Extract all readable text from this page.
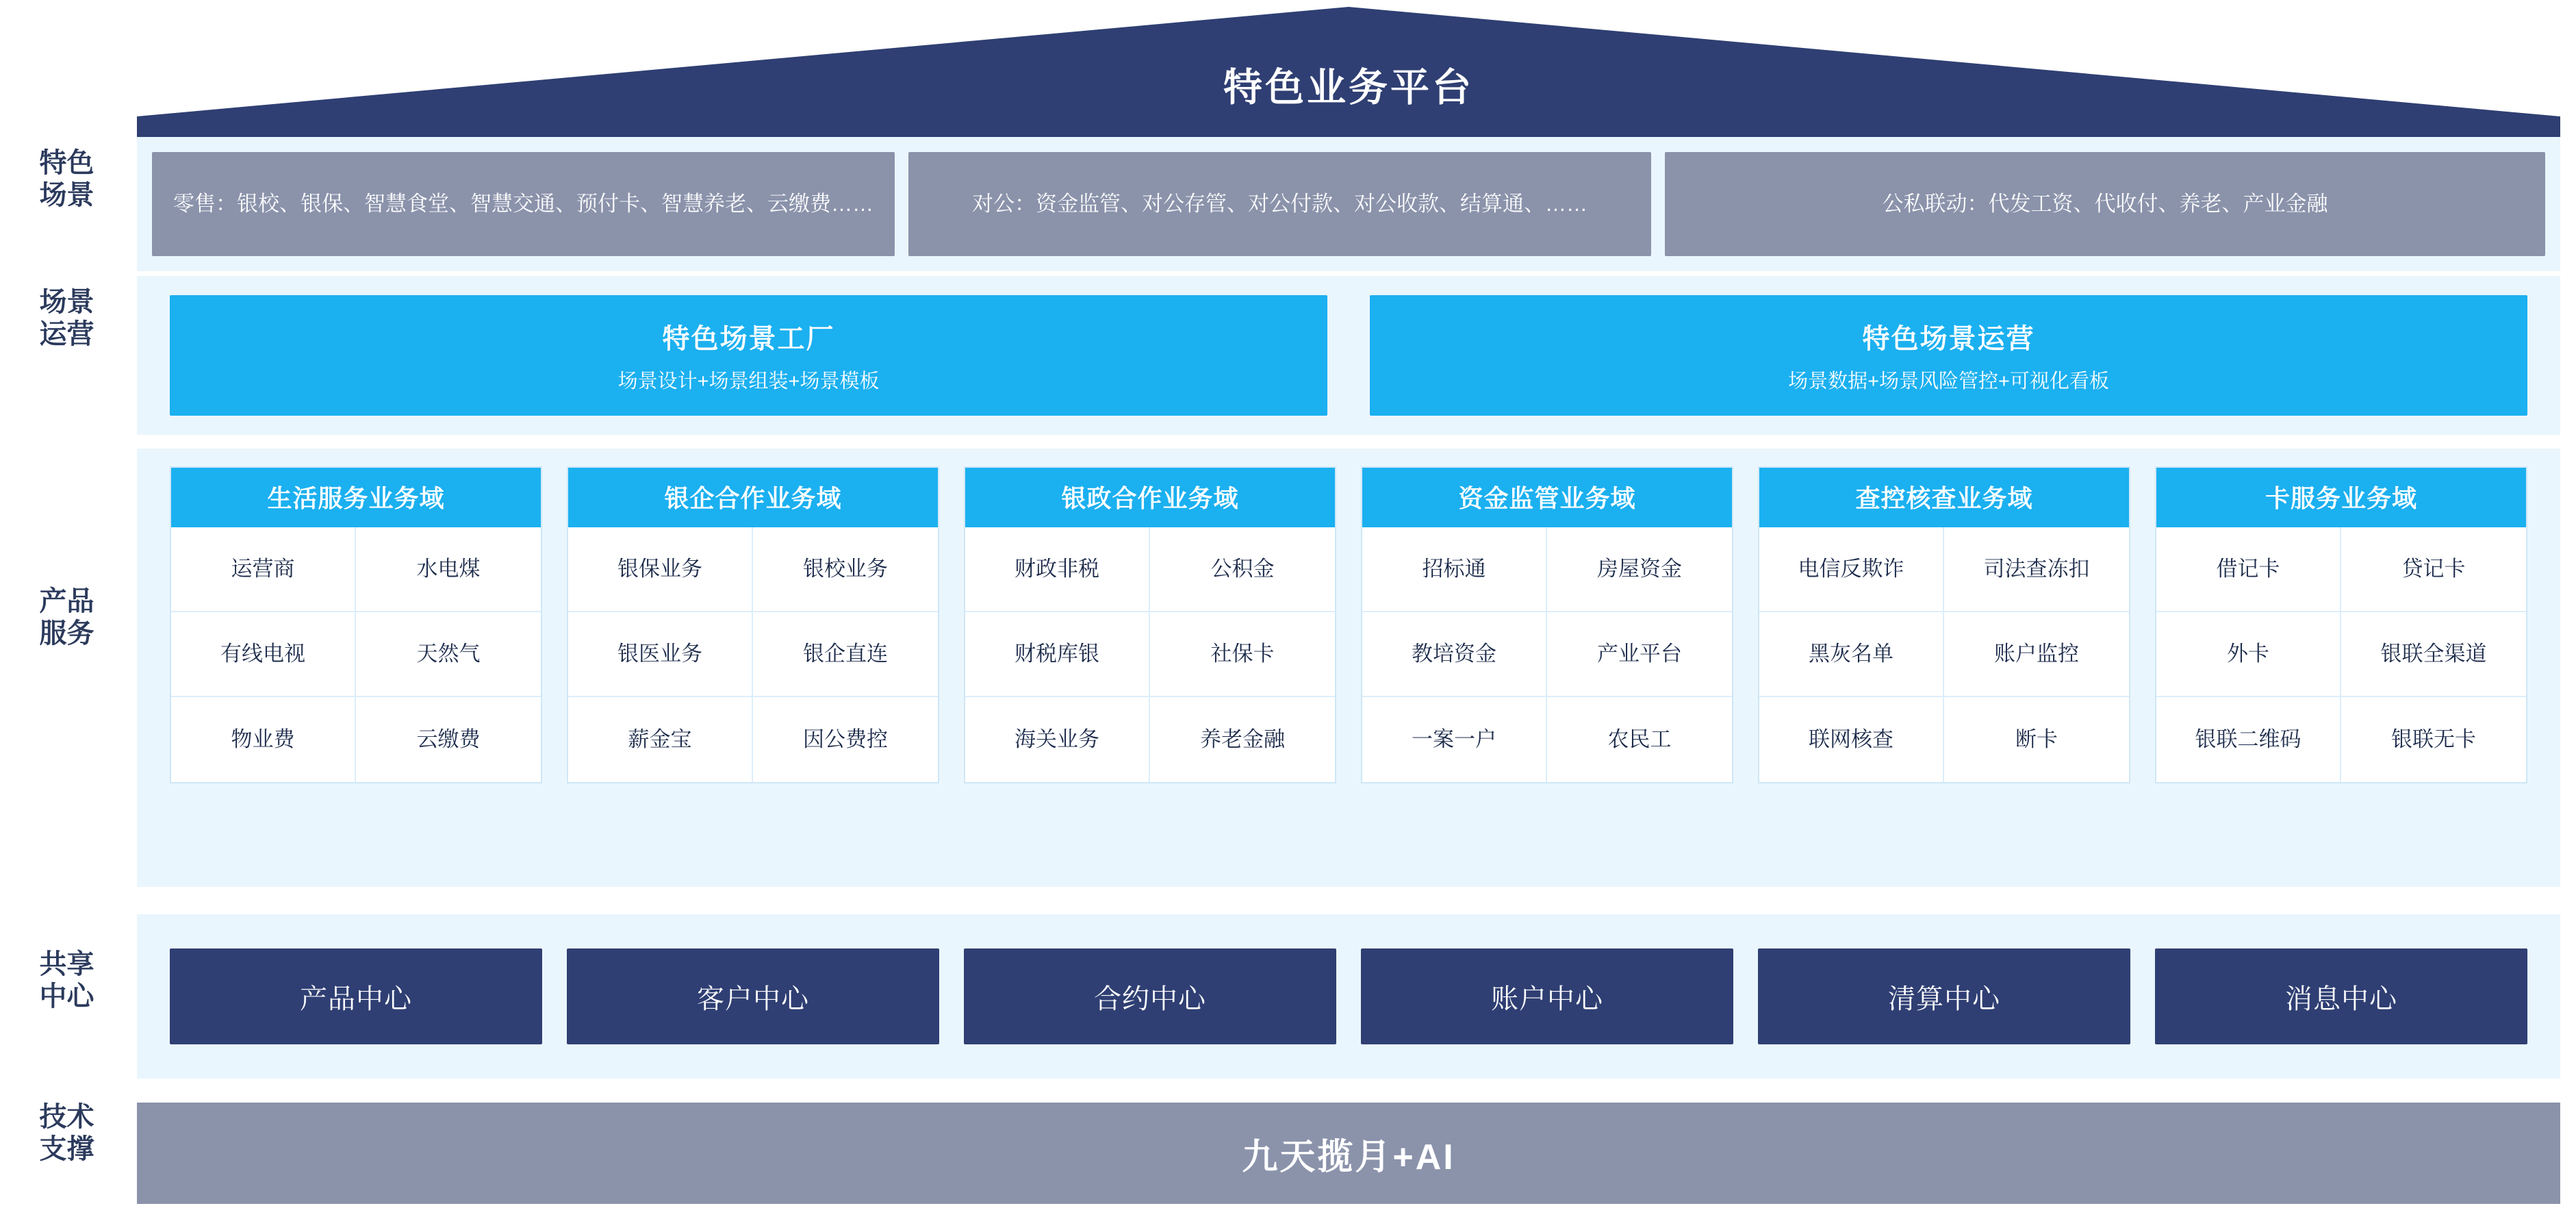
特色业务平台
特色
场景	零售：银校、银保、智慧食堂、智慧交通、预付卡、智慧养老、云缴费……	对公：资金监管、对公存管、对公付款、对公收款、结算通、……	公私联动：代发工资、代收付、养老、产业金融
场景
运营	特色场景工厂
场景设计+场景组装+场景模板
特色场景运营
场景数据+场景风险管控+可视化看板
产品
服务
生活服务业务域
运营商	水电煤
有线电视	天然气
物业费	云缴费
银企合作业务域
银保业务	银校业务
银医业务	银企直连
薪金宝	因公费控
银政合作业务域
财政非税	公积金
财税库银	社保卡
海关业务	养老金融
资金监管业务域
招标通	房屋资金
教培资金	产业平台
一案一户	农民工
查控核查业务域
电信 反欺诈	司法 查冻扣
黑灰名单	账户监控
联网核查	断卡
卡服务业务域
借记卡	贷记卡
外卡	银联 全渠道
银联 二维码	银联无卡
共享
中心	产品中心	客户中心	合约中心	账户中心	清算中心	消息中心
技术
支撑	九天揽月+AI
